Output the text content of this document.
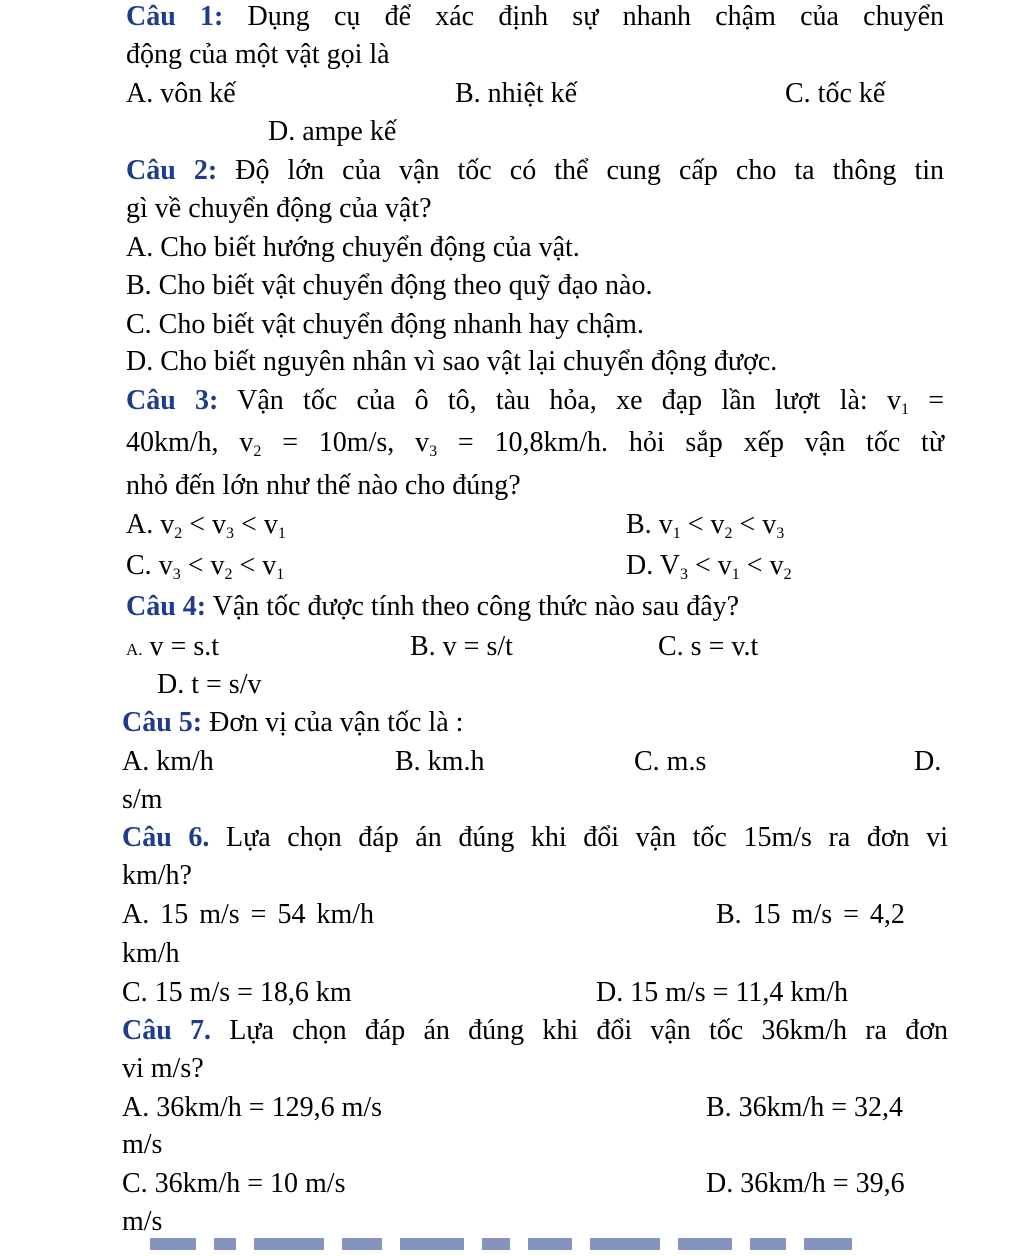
Câu 1: Dụng cụ để xác định sự nhanh chậm của chuyển
động của một vật gọi là
A. vôn kế	B. nhiệt kế	C. tốc kế
D. ampe kế
Câu 2: Độ lớn của vận tốc có thể cung cấp cho ta thông tin
gì về chuyển động của vật?
A. Cho biết hướng chuyển động của vật.
B. Cho biết vật chuyển động theo quỹ đạo nào.
C. Cho biết vật chuyển động nhanh hay chậm.
D. Cho biết nguyên nhân vì sao vật lại chuyển động được.
Câu 3: Vận tốc của ô tô, tàu hỏa, xe đạp lần lượt là: $v_1$ =
40km/h, $v_2 = 10m/s$, $v_3 = 10,8km/h$. hỏi sắp xếp vận tốc từ
nhỏ đến lớn như thế nào cho đúng?
A. $v_2 < v_3 < v_1$	B. $v_1 < v_2 < v_3$
C. $v_3 < v_2 < v_1$	D. $V_3 < v_1 < v_2$
Câu 4: Vận tốc được tính theo công thức nào sau đây?
A. v = s.t	B. v = s/t	C. s = v.t
D. t = s/v
Câu 5: Đơn vị của vận tốc là :
A. km/h	B. km.h	C. m.s	D.
s/m
Câu 6. Lựa chọn đáp án đúng khi đổi vận tốc 15m/s ra đơn vi
km/h?
A. 15 m/s = 54 km/h	B. 15 m/s = 4,2
km/h
C. 15 m/s = 18,6 km	D. 15 m/s = 11,4 km/h
Câu 7. Lựa chọn đáp án đúng khi đổi vận tốc 36km/h ra đơn
vi m/s?
A. 36km/h = 129,6 m/s	B. 36km/h = 32,4
m/s
C. 36km/h = 10 m/s	D. 36km/h = 39,6
m/s
